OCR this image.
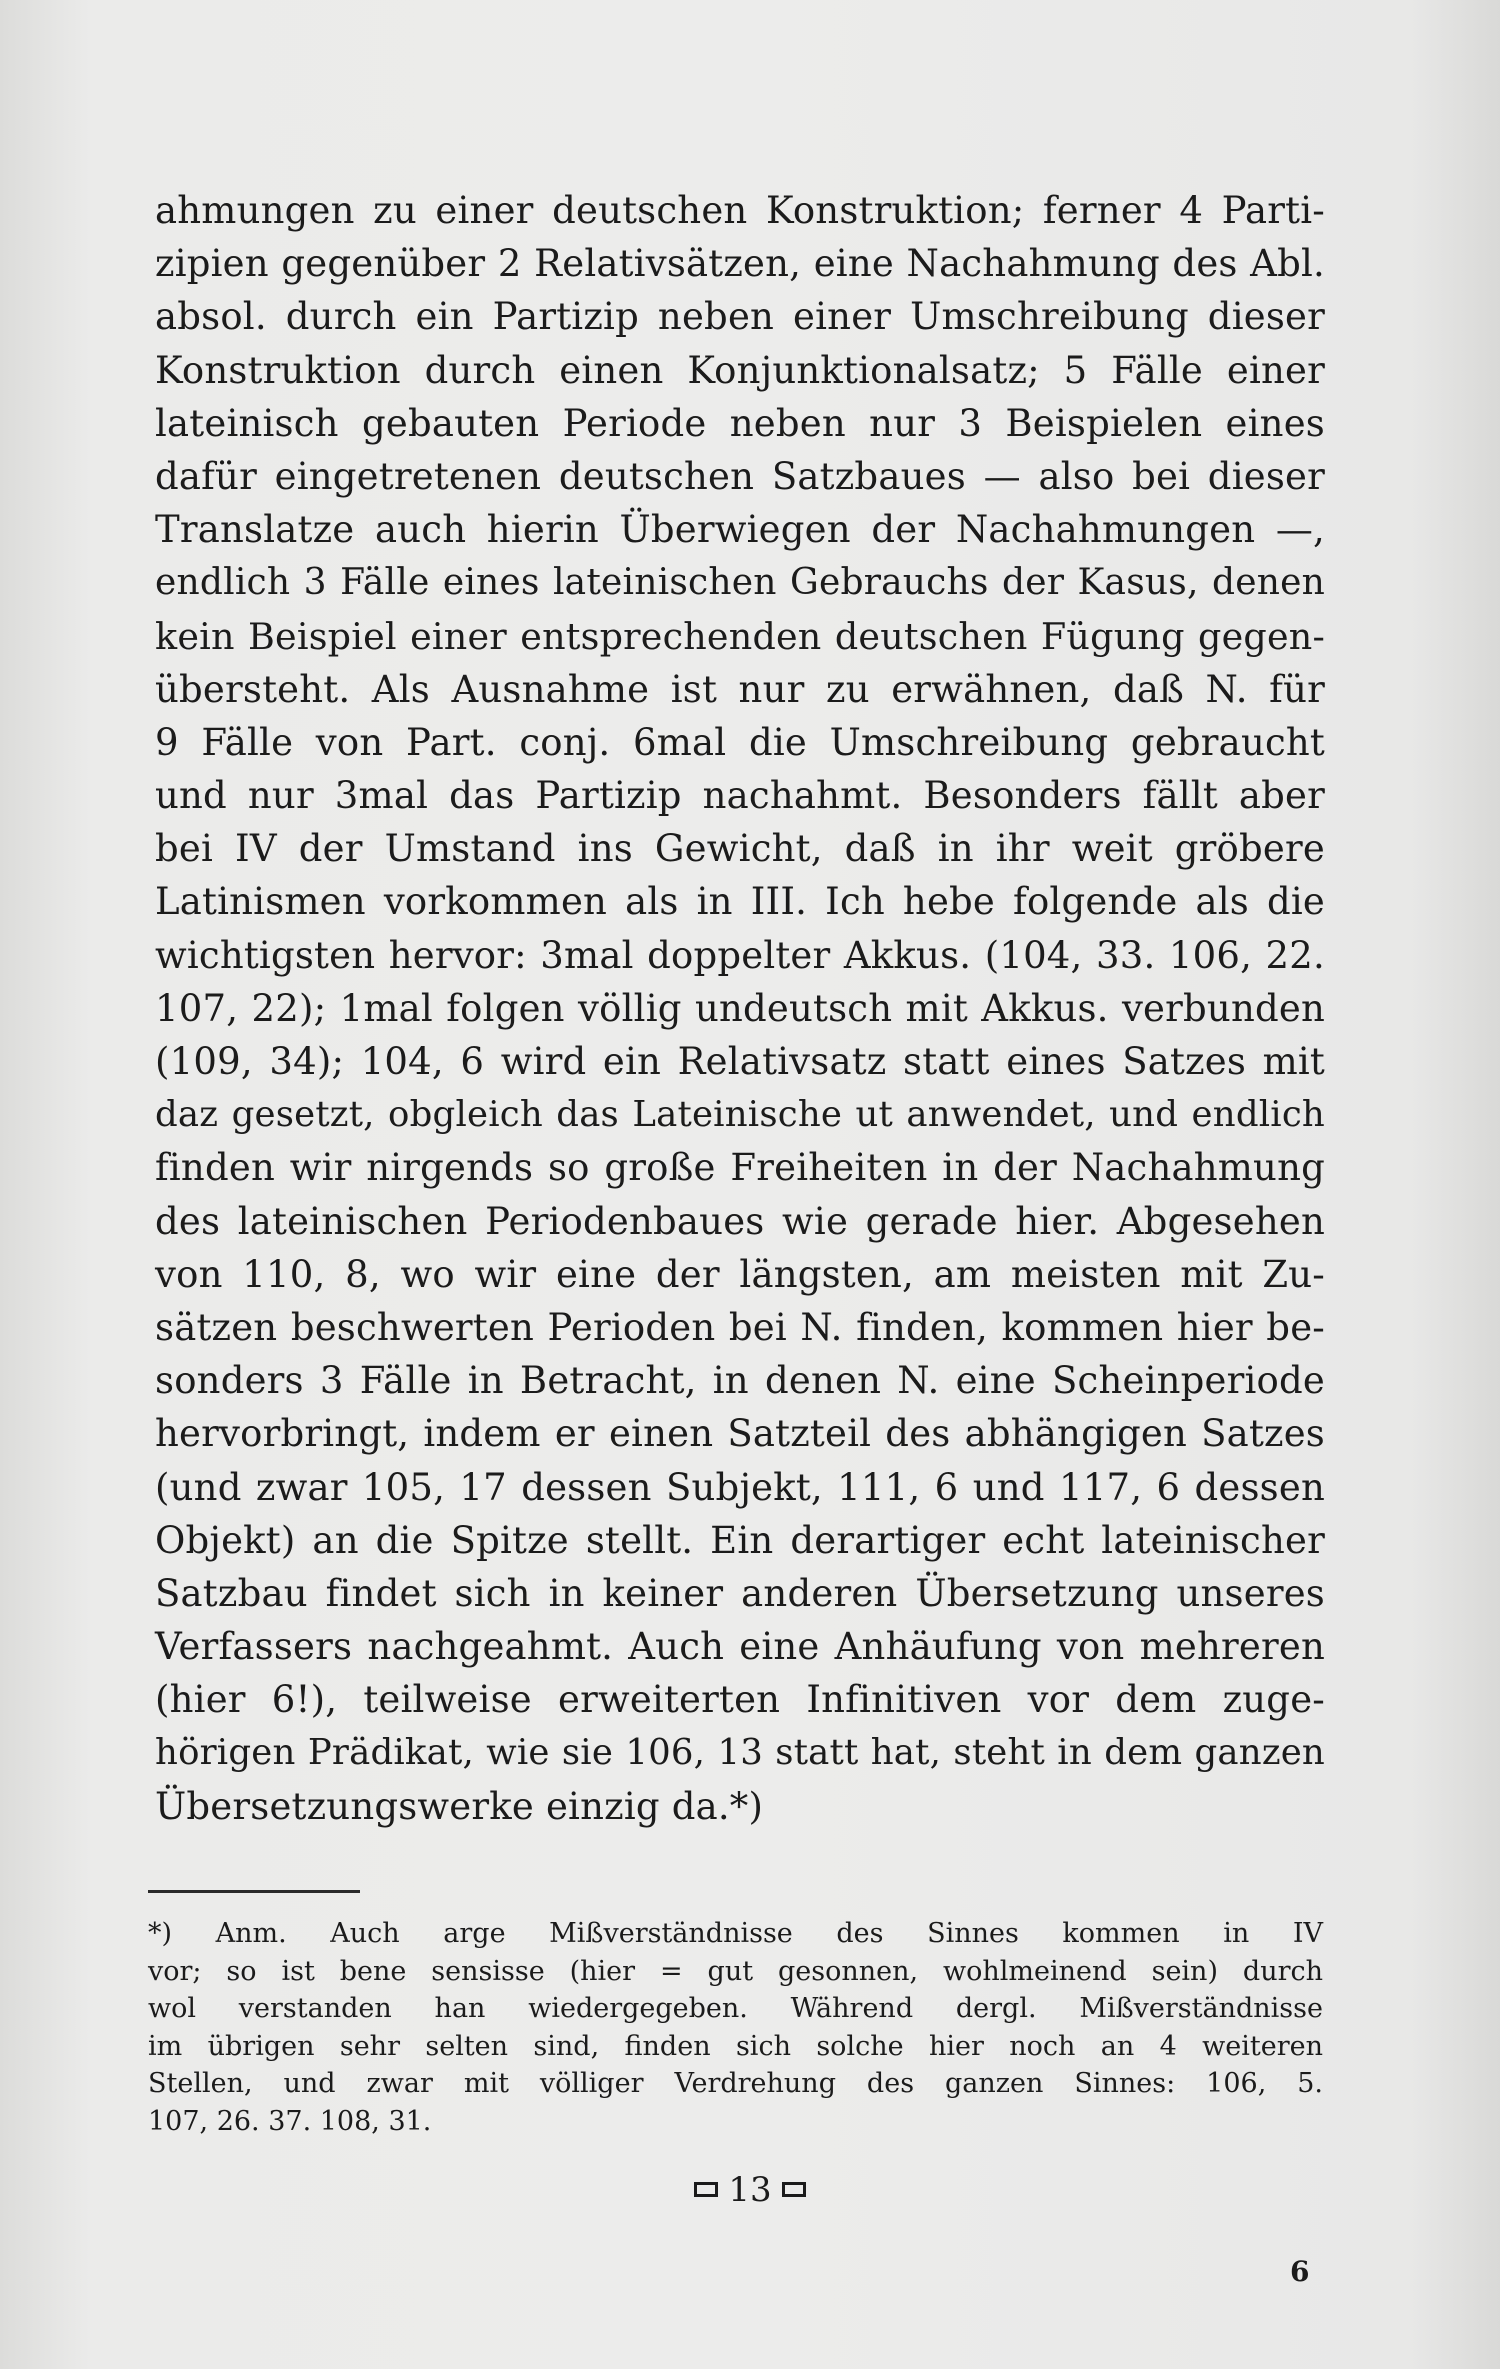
ahmungen zu einer deutschen Konstruktion; ferner 4 Parti-
zipien gegenüber 2 Relativsätzen, eine Nachahmung des Abl.
absol. durch ein Partizip neben einer Umschreibung dieser
Konstruktion durch einen Konjunktionalsatz; 5 Fälle einer
lateinisch gebauten Periode neben nur 3 Beispielen eines
dafür eingetretenen deutschen Satzbaues — also bei dieser
Translatze auch hierin Überwiegen der Nachahmungen —,
endlich 3 Fälle eines lateinischen Gebrauchs der Kasus, denen
kein Beispiel einer entsprechenden deutschen Fügung gegen-
übersteht. Als Ausnahme ist nur zu erwähnen, daß N. für
9 Fälle von Part. conj. 6mal die Umschreibung gebraucht
und nur 3mal das Partizip nachahmt. Besonders fällt aber
bei IV der Umstand ins Gewicht, daß in ihr weit gröbere
Latinismen vorkommen als in III. Ich hebe folgende als die
wichtigsten hervor: 3mal doppelter Akkus. (104, 33. 106, 22.
107, 22); 1mal folgen völlig undeutsch mit Akkus. verbunden
(109, 34); 104, 6 wird ein Relativsatz statt eines Satzes mit
daz gesetzt, obgleich das Lateinische ut anwendet, und endlich
finden wir nirgends so große Freiheiten in der Nachahmung
des lateinischen Periodenbaues wie gerade hier. Abgesehen
von 110, 8, wo wir eine der längsten, am meisten mit Zu-
sätzen beschwerten Perioden bei N. finden, kommen hier be-
sonders 3 Fälle in Betracht, in denen N. eine Scheinperiode
hervorbringt, indem er einen Satzteil des abhängigen Satzes
(und zwar 105, 17 dessen Subjekt, 111, 6 und 117, 6 dessen
Objekt) an die Spitze stellt. Ein derartiger echt lateinischer
Satzbau findet sich in keiner anderen Übersetzung unseres
Verfassers nachgeahmt. Auch eine Anhäufung von mehreren
(hier 6!), teilweise erweiterten Infinitiven vor dem zuge-
hörigen Prädikat, wie sie 106, 13 statt hat, steht in dem ganzen
Übersetzungswerke einzig da.*)
*) Anm. Auch arge Mißverständnisse des Sinnes kommen in IV
vor; so ist bene sensisse (hier = gut gesonnen, wohlmeinend sein) durch
wol verstanden han wiedergegeben. Während dergl. Mißverständnisse
im übrigen sehr selten sind, finden sich solche hier noch an 4 weiteren
Stellen, und zwar mit völliger Verdrehung des ganzen Sinnes: 106, 5.
107, 26. 37. 108, 31.
13
6
